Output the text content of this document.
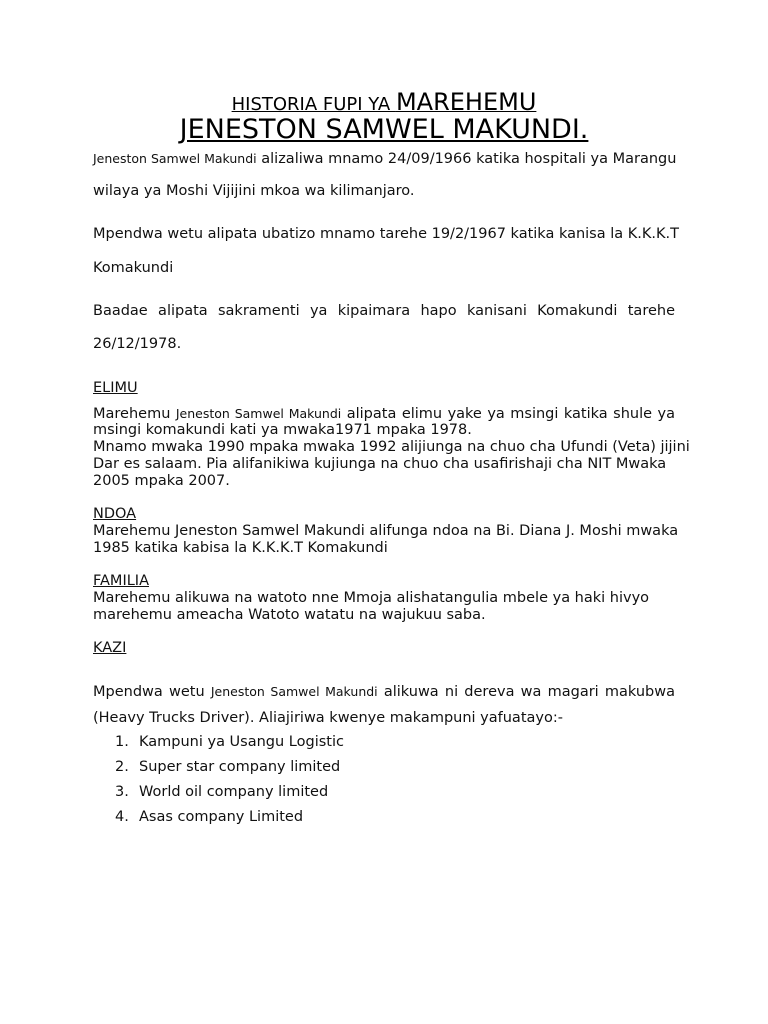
HISTORIA FUPI YA MAREHEMU
JENESTON SAMWEL MAKUNDI.
Jeneston Samwel Makundi alizaliwa mnamo 24/09/1966 katika hospitali ya Marangu
wilaya ya Moshi Vijijini mkoa wa kilimanjaro.
Mpendwa wetu alipata ubatizo mnamo tarehe 19/2/1967 katika kanisa la K.K.K.T
Komakundi
Baadae alipata sakramenti ya kipaimara hapo kanisani Komakundi tarehe
26/12/1978.
ELIMU
Marehemu Jeneston Samwel Makundi alipata elimu yake ya msingi katika shule ya
msingi komakundi kati ya mwaka1971 mpaka 1978.
Mnamo mwaka 1990 mpaka mwaka 1992 alijiunga na chuo cha Ufundi (Veta) jijini
Dar es salaam. Pia alifanikiwa kujiunga na chuo cha usafirishaji cha NIT Mwaka
2005 mpaka 2007.
NDOA
Marehemu Jeneston Samwel Makundi alifunga ndoa na Bi. Diana J. Moshi mwaka
1985 katika kabisa la K.K.K.T Komakundi
FAMILIA
Marehemu alikuwa na watoto nne Mmoja alishatangulia mbele ya haki hivyo
marehemu ameacha Watoto watatu na wajukuu saba.
KAZI
Mpendwa wetu Jeneston Samwel Makundi alikuwa ni dereva wa magari makubwa
(Heavy Trucks Driver). Aliajiriwa kwenye makampuni yafuatayo:-
1. Kampuni ya Usangu Logistic
2. Super star company limited
3. World oil company limited
4. Asas company Limited
